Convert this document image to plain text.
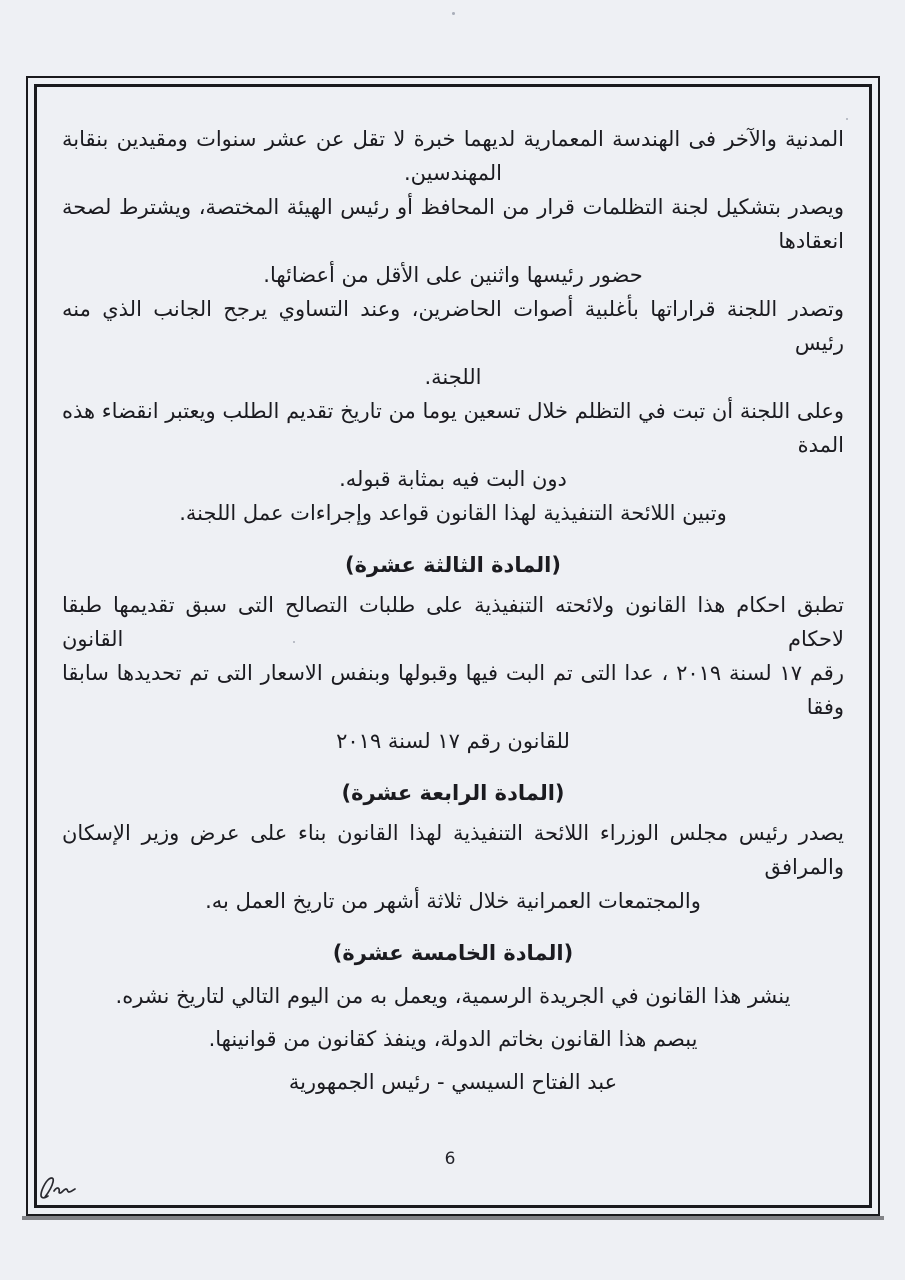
المدنية والآخر فى الهندسة المعمارية لديهما خبرة لا تقل عن عشر سنوات ومقيدين بنقابة
المهندسين.
ويصدر بتشكيل لجنة التظلمات قرار من المحافظ أو رئيس الهيئة المختصة، ويشترط لصحة انعقادها
حضور رئيسها واثنين على الأقل من أعضائها.
وتصدر اللجنة قراراتها بأغلبية أصوات الحاضرين، وعند التساوي يرجح الجانب الذي منه رئيس
اللجنة.
وعلى اللجنة أن تبت في التظلم خلال تسعين يوما من تاريخ تقديم الطلب ويعتبر انقضاء هذه المدة
دون البت فيه بمثابة قبوله.
وتبين اللائحة التنفيذية لهذا القانون قواعد وإجراءات عمل اللجنة.
(المادة الثالثة عشرة)
تطبق احكام هذا القانون ولائحته التنفيذية على طلبات التصالح التى سبق تقديمها طبقا لاحكام القانون
رقم ١٧ لسنة ٢٠١٩ ، عدا التى تم البت فيها وقبولها وبنفس الاسعار التى تم تحديدها سابقا وفقا
للقانون رقم ١٧ لسنة ٢٠١٩
(المادة الرابعة عشرة)
يصدر رئيس مجلس الوزراء اللائحة التنفيذية لهذا القانون بناء على عرض وزير الإسكان والمرافق
والمجتمعات العمرانية خلال ثلاثة أشهر من تاريخ العمل به.
(المادة الخامسة عشرة)
ينشر هذا القانون في الجريدة الرسمية، ويعمل به من اليوم التالي لتاريخ نشره.
يبصم هذا القانون بخاتم الدولة، وينفذ كقانون من قوانينها.
عبد الفتاح السيسي - رئيس الجمهورية
6
